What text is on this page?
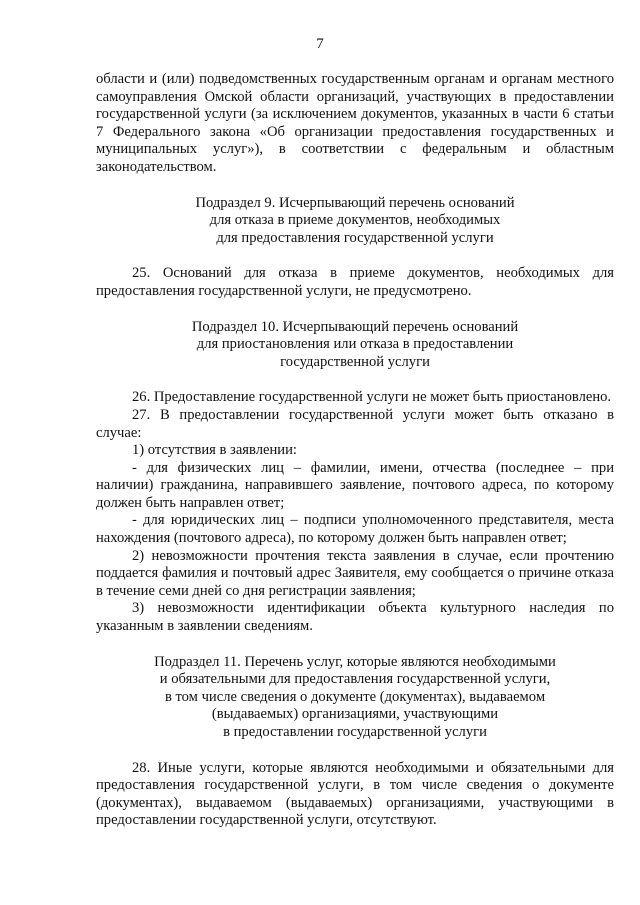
7

области и (или) подведомственных государственным органам и органам местного самоуправления Омской области организаций, участвующих в предоставлении государственной услуги (за исключением документов, указанных в части 6 статьи 7 Федерального закона «Об организации предоставления государственных и муниципальных услуг»), в соответствии с федеральным и областным законодательством.

Подраздел 9. Исчерпывающий перечень оснований
для отказа в приеме документов, необходимых
для предоставления государственной услуги

25. Оснований для отказа в приеме документов, необходимых для предоставления государственной услуги, не предусмотрено.

Подраздел 10. Исчерпывающий перечень оснований
для приостановления или отказа в предоставлении
государственной услуги

26. Предоставление государственной услуги не может быть приостановлено.

27. В предоставлении государственной услуги может быть отказано в случае:

1) отсутствия в заявлении:

- для физических лиц – фамилии, имени, отчества (последнее – при наличии) гражданина, направившего заявление, почтового адреса, по которому должен быть направлен ответ;

- для юридических лиц – подписи уполномоченного представителя, места нахождения (почтового адреса), по которому должен быть направлен ответ;

2) невозможности прочтения текста заявления в случае, если прочтению поддается фамилия и почтовый адрес Заявителя, ему сообщается о причине отказа в течение семи дней со дня регистрации заявления;

3) невозможности идентификации объекта культурного наследия по указанным в заявлении сведениям.

Подраздел 11. Перечень услуг, которые являются необходимыми
и обязательными для предоставления государственной услуги,
в том числе сведения о документе (документах), выдаваемом
(выдаваемых) организациями, участвующими
в предоставлении государственной услуги

28. Иные услуги, которые являются необходимыми и обязательными для предоставления государственной услуги, в том числе сведения о документе (документах), выдаваемом (выдаваемых) организациями, участвующими в предоставлении государственной услуги, отсутствуют.
